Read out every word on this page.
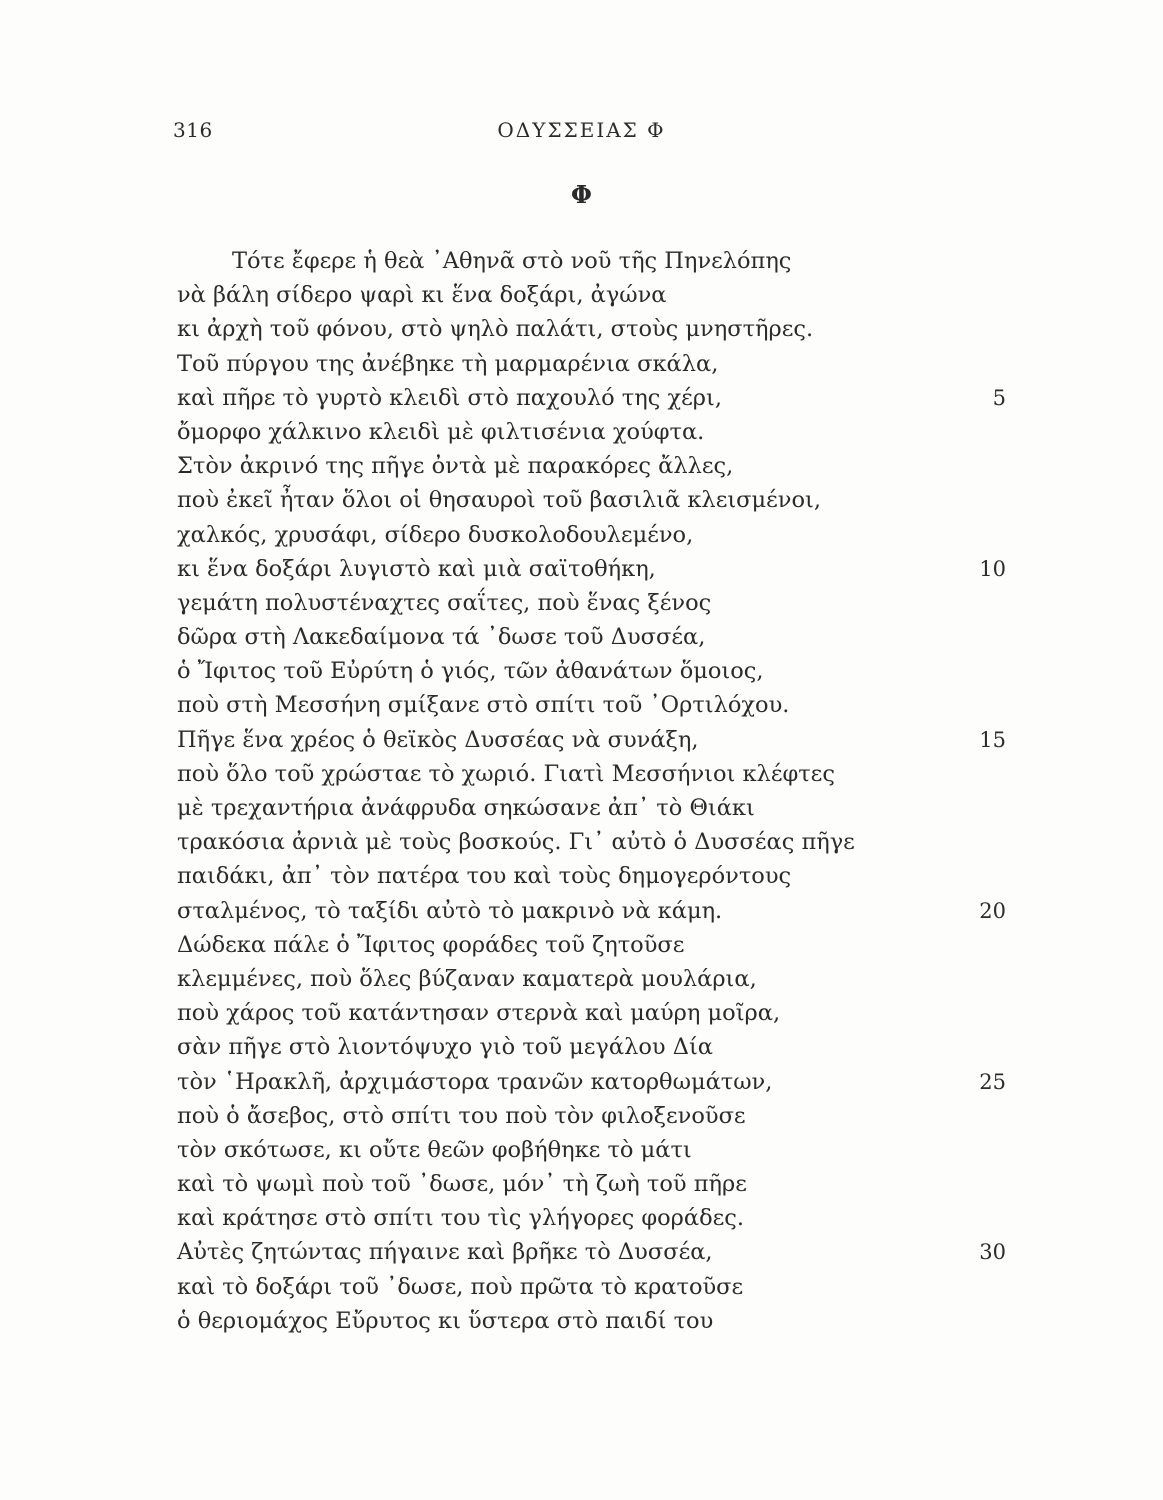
316	ΟΔΥΣΣΕΙΑΣ Φ
Φ
Τότε ἔφερε ἡ θεὰ ᾿Αθηνᾶ στὸ νοῦ τῆς Πηνελόπης
νὰ βάλη σίδερο ψαρὶ κι ἕνα δοξάρι, ἀγώνα
κι ἀρχὴ τοῦ φόνου, στὸ ψηλὸ παλάτι, στοὺς μνηστῆρες.
Τοῦ πύργου της ἀνέβηκε τὴ μαρμαρένια σκάλα,
καὶ πῆρε τὸ γυρτὸ κλειδὶ στὸ παχουλό της χέρι,	5
ὄμορφο χάλκινο κλειδὶ μὲ φιλτισένια χούφτα.
Στὸν ἀκρινό της πῆγε ὀντὰ μὲ παρακόρες ἄλλες,
ποὺ ἐκεῖ ἦταν ὅλοι οἱ θησαυροὶ τοῦ βασιλιᾶ κλεισμένοι,
χαλκός, χρυσάφι, σίδερο δυσκολοδουλεμένο,
κι ἕνα δοξάρι λυγιστὸ καὶ μιὰ σαϊτοθήκη,	10
γεμάτη πολυστέναχτες σαΐτες, ποὺ ἕνας ξένος
δῶρα στὴ Λακεδαίμονα τά ᾿δωσε τοῦ Δυσσέα,
ὁ Ἴφιτος τοῦ Εὐρύτη ὁ γιός, τῶν ἀθανάτων ὅμοιος,
ποὺ στὴ Μεσσήνη σμίξανε στὸ σπίτι τοῦ ᾿Ορτιλόχου.
Πῆγε ἕνα χρέος ὁ θεϊκὸς Δυσσέας νὰ συνάξη,	15
ποὺ ὅλο τοῦ χρώσταε τὸ χωριό. Γιατὶ Μεσσήνιοι κλέφτες
μὲ τρεχαντήρια ἀνάφρυδα σηκώσανε ἀπ᾿ τὸ Θιάκι
τρακόσια ἀρνιὰ μὲ τοὺς βοσκούς. Γι᾿ αὐτὸ ὁ Δυσσέας πῆγε
παιδάκι, ἀπ᾿ τὸν πατέρα του καὶ τοὺς δημογερόντους
σταλμένος, τὸ ταξίδι αὐτὸ τὸ μακρινὸ νὰ κάμη.	20
Δώδεκα πάλε ὁ Ἴφιτος φοράδες τοῦ ζητοῦσε
κλεμμένες, ποὺ ὅλες βύζαναν καματερὰ μουλάρια,
ποὺ χάρος τοῦ κατάντησαν στερνὰ καὶ μαύρη μοῖρα,
σὰν πῆγε στὸ λιοντόψυχο γιὸ τοῦ μεγάλου Δία
τὸν ῾Ηρακλῆ, ἀρχιμάστορα τρανῶν κατορθωμάτων,	25
ποὺ ὁ ἄσεβος, στὸ σπίτι του ποὺ τὸν φιλοξενοῦσε
τὸν σκότωσε, κι οὔτε θεῶν φοβήθηκε τὸ μάτι
καὶ τὸ ψωμὶ ποὺ τοῦ ᾿δωσε, μόν᾿ τὴ ζωὴ τοῦ πῆρε
καὶ κράτησε στὸ σπίτι του τὶς γλήγορες φοράδες.
Αὐτὲς ζητώντας πήγαινε καὶ βρῆκε τὸ Δυσσέα,	30
καὶ τὸ δοξάρι τοῦ ᾿δωσε, ποὺ πρῶτα τὸ κρατοῦσε
ὁ θεριομάχος Εὔρυτος κι ὕστερα στὸ παιδί του
